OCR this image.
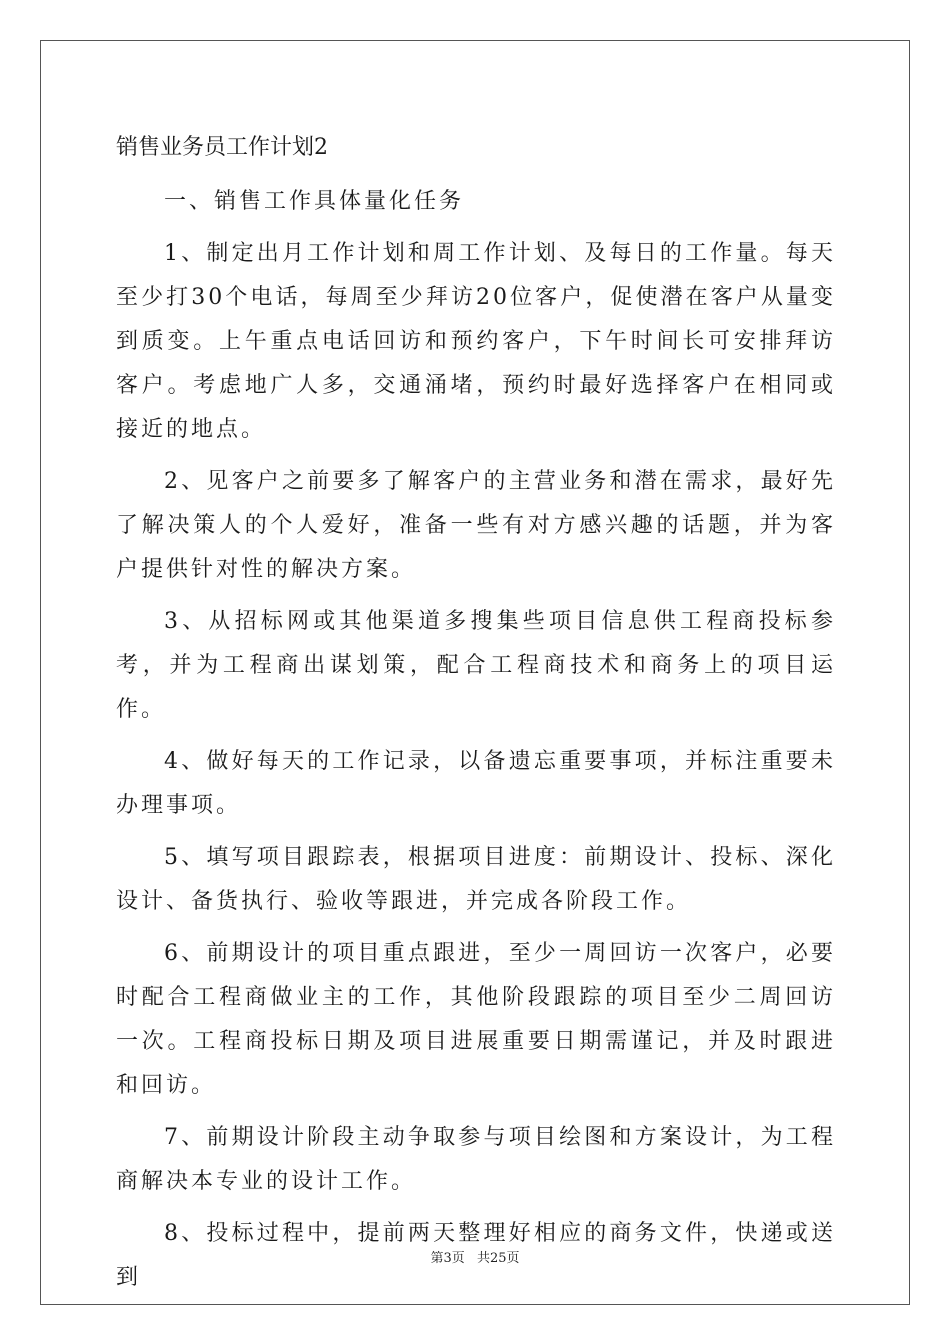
销售业务员工作计划2

一、销售工作具体量化任务

1、制定出月工作计划和周工作计划、及每日的工作量。每天至少打30个电话，每周至少拜访20位客户，促使潜在客户从量变到质变。上午重点电话回访和预约客户，下午时间长可安排拜访客户。考虑地广人多，交通涌堵，预约时最好选择客户在相同或接近的地点。

2、见客户之前要多了解客户的主营业务和潜在需求，最好先了解决策人的个人爱好，准备一些有对方感兴趣的话题，并为客户提供针对性的解决方案。

3、从招标网或其他渠道多搜集些项目信息供工程商投标参考，并为工程商出谋划策，配合工程商技术和商务上的项目运作。

4、做好每天的工作记录，以备遗忘重要事项，并标注重要未办理事项。

5、填写项目跟踪表，根据项目进度：前期设计、投标、深化设计、备货执行、验收等跟进，并完成各阶段工作。

6、前期设计的项目重点跟进，至少一周回访一次客户，必要时配合工程商做业主的工作，其他阶段跟踪的项目至少二周回访一次。工程商投标日期及项目进展重要日期需谨记，并及时跟进和回访。

7、前期设计阶段主动争取参与项目绘图和方案设计，为工程商解决本专业的设计工作。

8、投标过程中，提前两天整理好相应的商务文件，快递或送到

第3页 共25页
